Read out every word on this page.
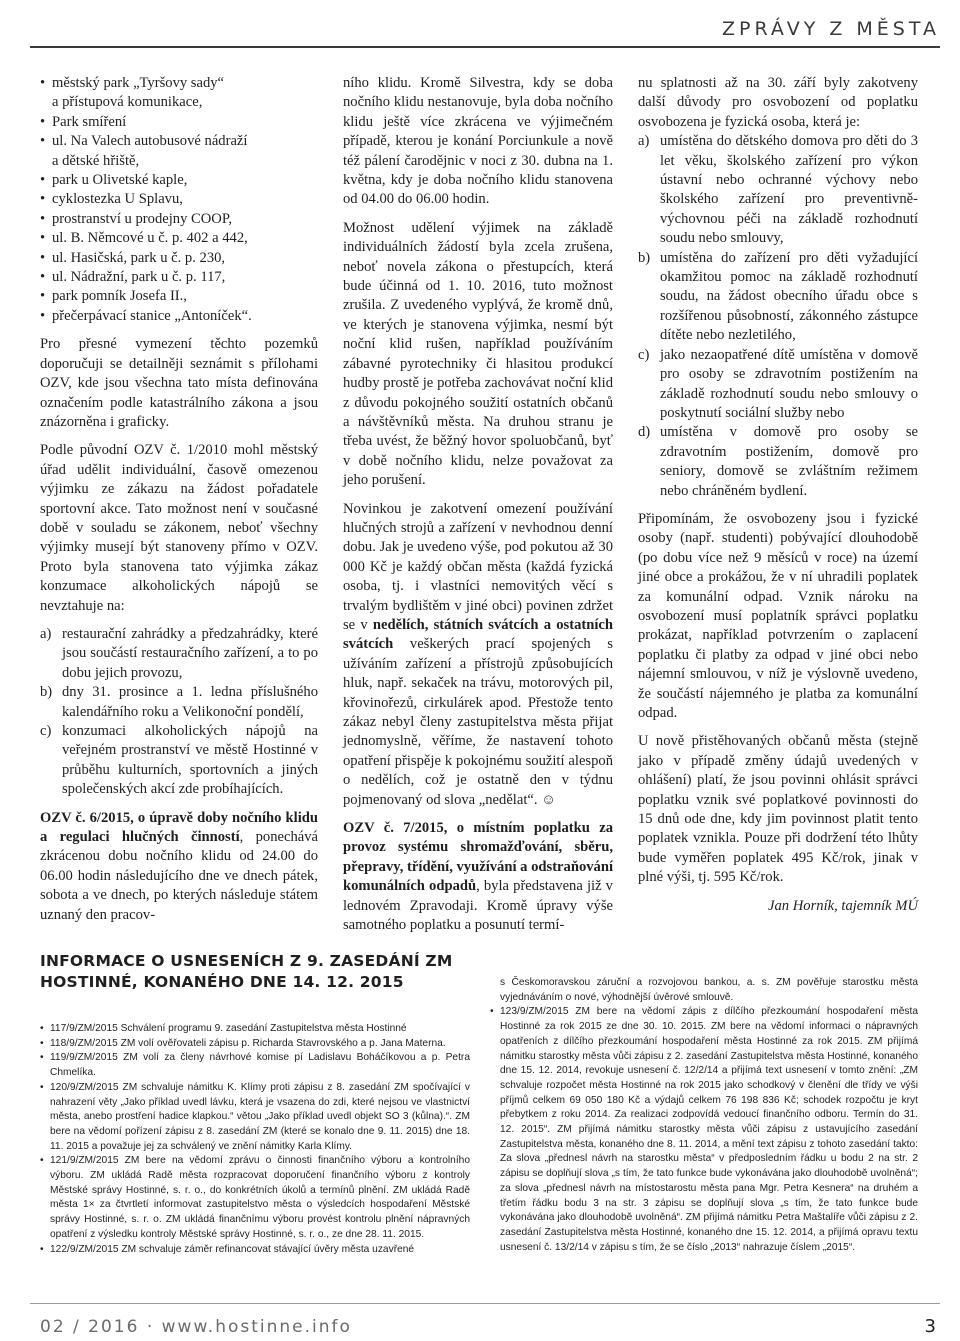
ZPRÁVY Z MĚSTA
• městský park „Tyršovy sady“
a přístupová komunikace,
• Park smíření
• ul. Na Valech autobusové nádraží
a dětské hřiště,
• park u Olivetské kaple,
• cyklostezka U Splavu,
• prostranství u prodejny COOP,
• ul. B. Němcové u č. p. 402 a 442,
• ul. Hasičská, park u č. p. 230,
• ul. Nádražní, park u č. p. 117,
• park pomník Josefa II.,
• přečerpávací stanice „Antoníček“.

Pro přesné vymezení těchto pozemků doporučuji se detailněji seznámit s přílohami OZV, kde jsou všechna tato místa definována označením podle katastrálního zákona a jsou znázorněna i graficky.

Podle původní OZV č. 1/2010 mohl městský úřad udělit individuální, časově omezenou výjimku ze zákazu na žádost pořadatele sportovní akce. Tato možnost není v současné době v souladu se zákonem, neboť všechny výjimky musejí být stanoveny přímo v OZV. Proto byla stanovena tato výjimka zákaz konzumace alkoholických nápojů se nevztahuje na:

a) restaurační zahrádky a předzahrádky, které jsou součástí restauračního zařízení, a to po dobu jejich provozu,
b) dny 31. prosince a 1. ledna příslušného kalendářního roku a Velikonoční pondělí,
c) konzumaci alkoholických nápojů na veřejném prostranství ve městě Hostinné v průběhu kulturních, sportovních a jiných společenských akcí zde probíhajících.

OZV č. 6/2015, o úpravě doby nočního klidu a regulaci hlučných činností, ponechává zkrácenou dobu nočního klidu od 24.00 do 06.00 hodin následujícího dne ve dnech pátek, sobota a ve dnech, po kterých následuje státem uznaný den pracov-

ního klidu. Kromě Silvestra, kdy se doba nočního klidu nestanovuje, byla doba nočního klidu ještě více zkrácena ve výjimečném případě, kterou je konání Porciunkule a nově též pálení čarodějnic v noci z 30. dubna na 1. května, kdy je doba nočního klidu stanovena od 04.00 do 06.00 hodin.

Možnost udělení výjimek na základě individuálních žádostí byla zcela zrušena, neboť novela zákona o přestupcích, která bude účinná od 1. 10. 2016, tuto možnost zrušila. Z uvedeného vyplývá, že kromě dnů, ve kterých je stanovena výjimka, nesmí být noční klid rušen, například používáním zábavné pyrotechniky či hlasitou produkcí hudby prostě je potřeba zachovávat noční klid z důvodu pokojného soužití ostatních občanů a návštěvníků města. Na druhou stranu je třeba uvést, že běžný hovor spoluobčanů, byť v době nočního klidu, nelze považovat za jeho porušení.

Novinkou je zakotvení omezení používání hlučných strojů a zařízení v nevhodnou denní dobu. Jak je uvedeno výše, pod pokutou až 30 000 Kč je každý občan města (každá fyzická osoba, tj. i vlastníci nemovitých věcí s trvalým bydlištěm v jiné obci) povinen zdržet se v nedělích, státních svátcích a ostatních svátcích veškerých prací spojených s užíváním zařízení a přístrojů způsobujících hluk, např. sekaček na trávu, motorových pil, křovinořezů, cirkulárek apod. Přestože tento zákaz nebyl členy zastupitelstva města přijat jednomyslně, věříme, že nastavení tohoto opatření přispěje k pokojnému soužití alespoň o nedělích, což je ostatně den v týdnu pojmenovaný od slova „nedělat“. ☺

OZV č. 7/2015, o místním poplatku za provoz systému shromažďování, sběru, přepravy, třídění, využívání a odstraňování komunálních odpadů, byla představena již v lednovém Zpravodaji. Kromě úpravy výše samotného poplatku a posunutí termí-

nu splatnosti až na 30. září byly zakotveny další důvody pro osvobození od poplatku osvobozena je fyzická osoba, která je:

a) umístěna do dětského domova pro děti do 3 let věku, školského zařízení pro výkon ústavní nebo ochranné výchovy nebo školského zařízení pro preventivně-výchovnou péči na základě rozhodnutí soudu nebo smlouvy,
b) umístěna do zařízení pro děti vyžadující okamžitou pomoc na základě rozhodnutí soudu, na žádost obecního úřadu obce s rozšířenou působností, zákonného zástupce dítěte nebo nezletilého,
c) jako nezaopatřené dítě umístěna v domově pro osoby se zdravotním postižením na základě rozhodnutí soudu nebo smlouvy o poskytnutí sociální služby nebo
d) umístěna v domově pro osoby se zdravotním postižením, domově pro seniory, domově se zvláštním režimem nebo chráněném bydlení.

Připomínám, že osvobozeny jsou i fyzické osoby (např. studenti) pobývající dlouhodobě (po dobu více než 9 měsíců v roce) na území jiné obce a prokážou, že v ní uhradili poplatek za komunální odpad. Vznik nároku na osvobození musí poplatník správci poplatku prokázat, například potvrzením o zaplacení poplatku či platby za odpad v jiné obci nebo nájemní smlouvou, v níž je výslovně uvedeno, že součástí nájemného je platba za komunální odpad.

U nově přistěhovaných občanů města (stejně jako v případě změny údajů uvedených v ohlášení) platí, že jsou povinni ohlásit správci poplatku vznik své poplatkové povinnosti do 15 dnů ode dne, kdy jim povinnost platit tento poplatek vznikla. Pouze při dodržení této lhůty bude vyměřen poplatek 495 Kč/rok, jinak v plné výši, tj. 595 Kč/rok.

Jan Horník, tajemník MÚ

INFORMACE O USNESENÍCH Z 9. ZASEDÁNÍ ZM HOSTINNÉ, KONANÉHO DNE 14. 12. 2015
• 117/9/ZM/2015 Schválení programu 9. zasedání Zastupitelstva města Hostinné
• 118/9/ZM/2015 ZM volí ověřovateli zápisu p. Richarda Stavrovského a p. Jana Materna.
• 119/9/ZM/2015 ZM volí za členy návrhové komise pí Ladislavu Boháčíkovou a p. Petra Chmelíka.
• 120/9/ZM/2015 ZM schvaluje námitku K. Klímy proti zápisu z 8. zasedání ZM spočívající v nahrazení věty „Jako příklad uvedl lávku, která je vsazena do zdi, které nejsou ve vlastnictví města, anebo prostření hadice klapkou.“ větou „Jako příklad uvedl objekt SO 3 (kůlna).“. ZM bere na vědomí pořízení zápisu z 8. zasedání ZM (které se konalo dne 9. 11. 2015) dne 18. 11. 2015 a považuje jej za schválený ve znění námitky Karla Klímy.
• 121/9/ZM/2015 ZM bere na vědomí zprávu o činnosti finančního výboru a kontrolního výboru. ZM ukládá Radě města rozpracovat doporučení finančního výboru z kontroly Městské správy Hostinné, s. r. o., do konkrétních úkolů a termínů plnění. ZM ukládá Radě města 1× za čtvrtletí informovat zastupitelstvo města o výsledcích hospodaření Městské správy Hostinné, s. r. o. ZM ukládá finančnímu výboru provést kontrolu plnění nápravných opatření z výsledku kontroly Městské správy Hostinné, s. r. o., ze dne 28. 11. 2015.
• 122/9/ZM/2015 ZM schvaluje záměr refinancovat stávající úvěry města uzavřené
s Českomoravskou záruční a rozvojovou bankou, a. s. ZM pověřuje starostku města vyjednáváním o nové, výhodnější úvěrové smlouvě.
• 123/9/ZM/2015 ZM bere na vědomí zápis z dílčího přezkoumání hospodaření města Hostinné za rok 2015 ze dne 30. 10. 2015. ZM bere na vědomí informaci o nápravných opatřeních z dílčího přezkoumání hospodaření města Hostinné za rok 2015. ZM přijímá námitku starostky města vůči zápisu z 2. zasedání Zastupitelstva města Hostinné, konaného dne 15. 12. 2014, revokuje usnesení č. 12/2/14 a přijímá text usnesení v tomto znění: „ZM schvaluje rozpočet města Hostinné na rok 2015 jako schodkový v členění dle třídy ve výši příjmů celkem 69 050 180 Kč a výdajů celkem 76 198 836 Kč; schodek rozpočtu je kryt přebytkem z roku 2014. Za realizaci zodpovídá vedoucí finančního odboru. Termín do 31. 12. 2015“. ZM přijímá námitku starostky města vůči zápisu z ustavujícího zasedání Zastupitelstva města, konaného dne 8. 11. 2014, a mění text zápisu z tohoto zasedání takto: Za slova „přednesl návrh na starostku města“ v předposledním řádku u bodu 2 na str. 2 zápisu se doplňují slova „s tím, že tato funkce bude vykonávána jako dlouhodobě uvolněná“; za slova „přednesl návrh na místostarostu města pana Mgr. Petra Kesnera“ na druhém a třetím řádku bodu 3 na str. 3 zápisu se doplňují slova „s tím, že tato funkce bude vykonávána jako dlouhodobě uvolněná“. ZM přijímá námitku Petra Maštalíře vůči zápisu z 2. zasedání Zastupitelstva města Hostinné, konaného dne 15. 12. 2014, a přijímá opravu textu usnesení č. 13/2/14 v zápisu s tím, že se číslo „2013“ nahrazuje číslem „2015“.
02 / 2016 · www.hostinne.info	3
